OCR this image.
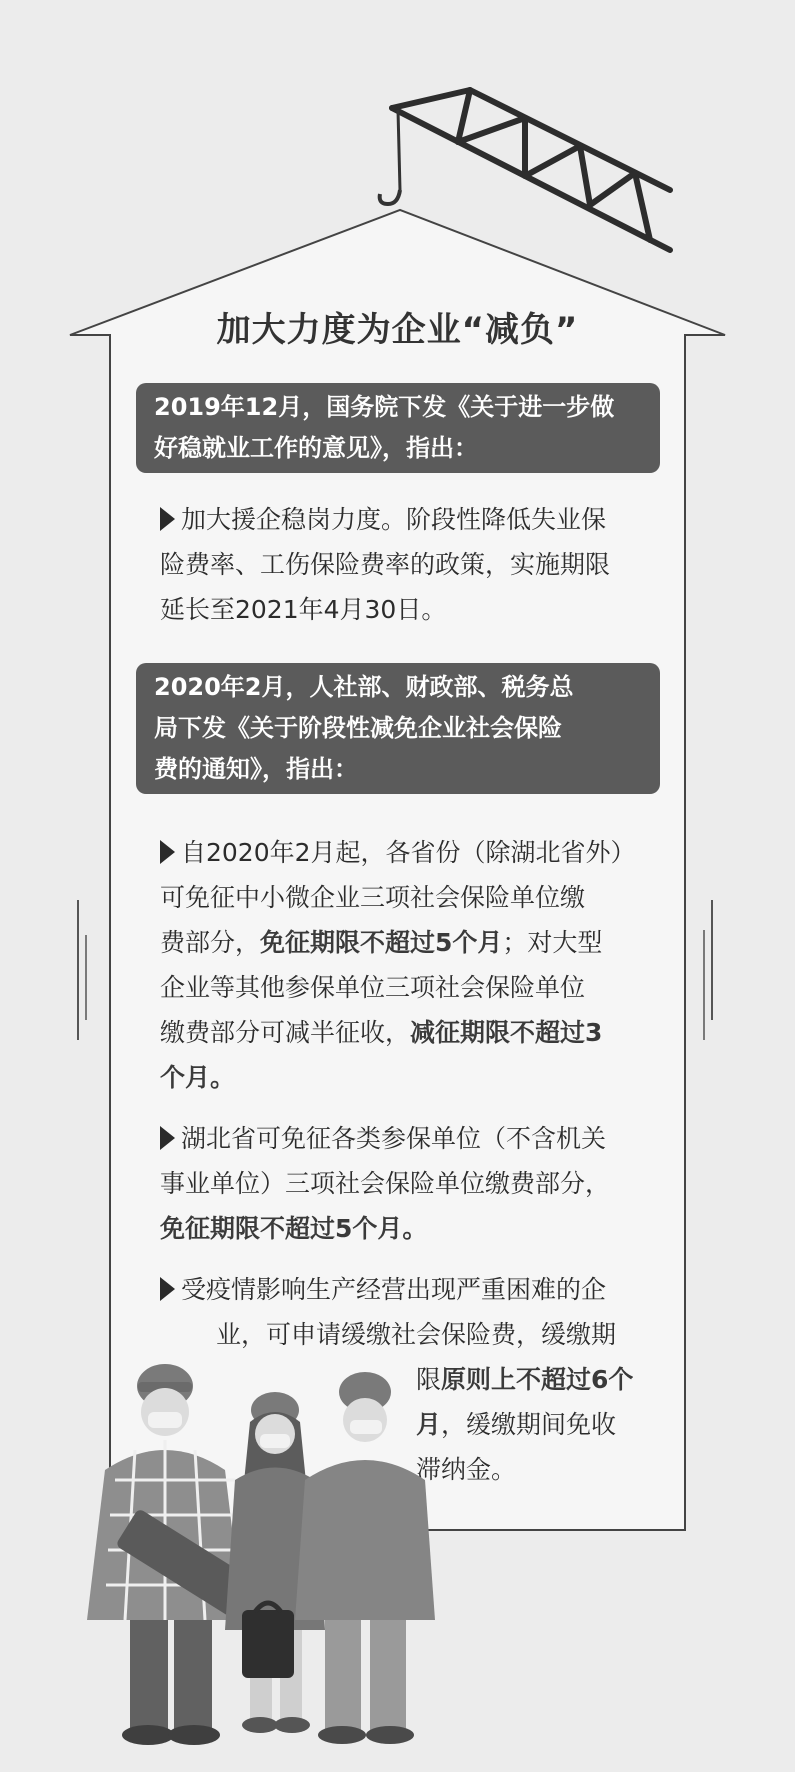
加大力度为企业“减负”
2019年12月，国务院下发《关于进一步做
好稳就业工作的意见》，指出：
加大援企稳岗力度。阶段性降低失业保
险费率、工伤保险费率的政策，实施期限
延长至2021年4月30日。
2020年2月，人社部、财政部、税务总
局下发《关于阶段性减免企业社会保险
费的通知》，指出：
自2020年2月起，各省份（除湖北省外）
可免征中小微企业三项社会保险单位缴
费部分，免征期限不超过5个月；对大型
企业等其他参保单位三项社会保险单位
缴费部分可减半征收，减征期限不超过3
个月。
湖北省可免征各类参保单位（不含机关
事业单位）三项社会保险单位缴费部分，
免征期限不超过5个月。
受疫情影响生产经营出现严重困难的企
业，可申请缓缴社会保险费，缓缴期
限原则上不超过6个
月，缓缴期间免收
滞纳金。
